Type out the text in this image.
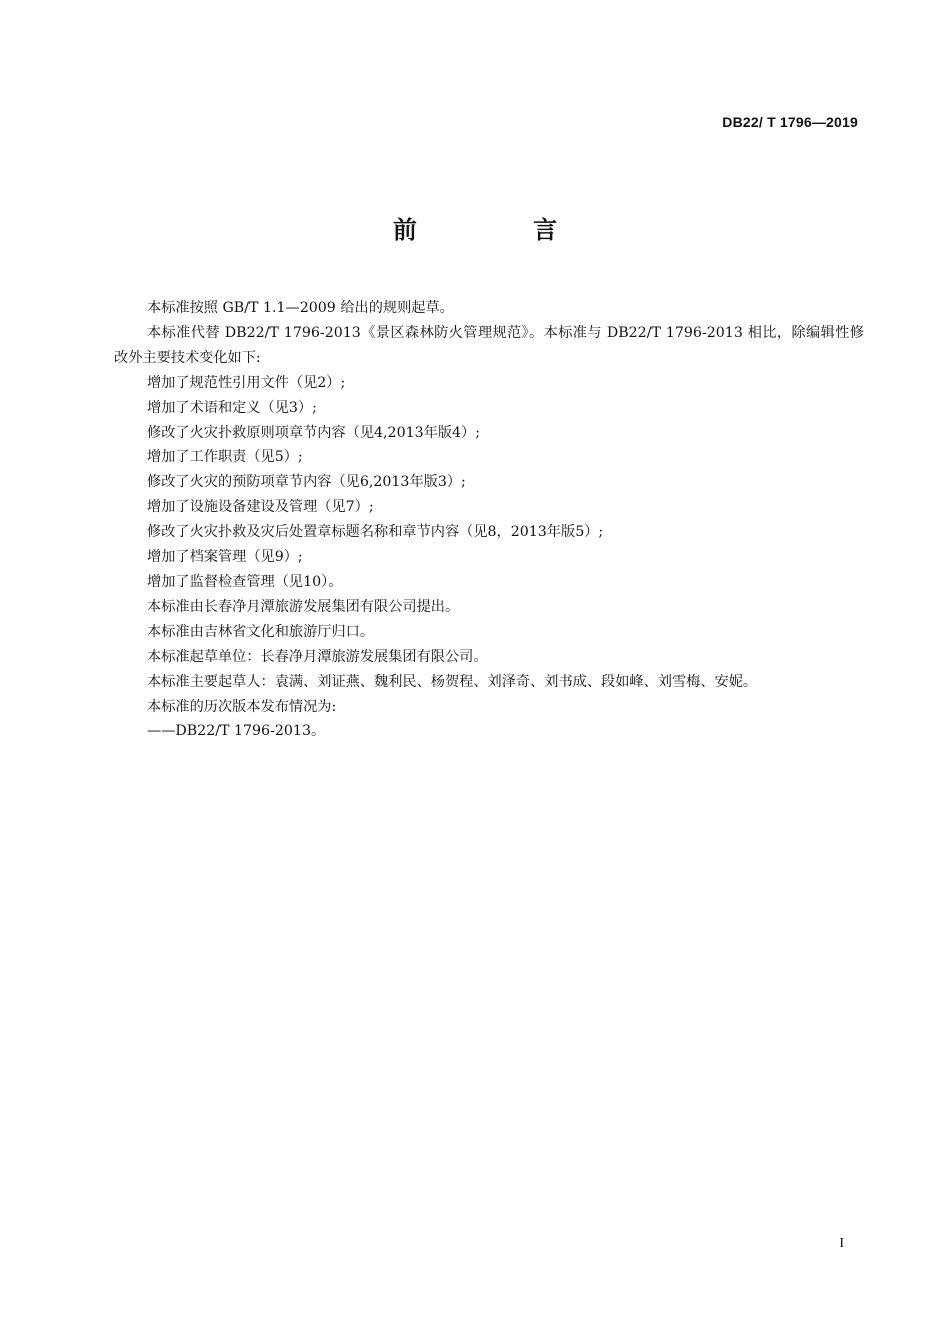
DB22/ T 1796—2019
前 言

本标准按照 GB/T 1.1—2009 给出的规则起草。

本标准代替 DB22/T 1796-2013《景区森林防火管理规范》。本标准与 DB22/T 1796-2013 相比，除编辑性修改外主要技术变化如下:

增加了规范性引用文件（见2）;

增加了术语和定义（见3）;

修改了火灾扑救原则项章节内容（见4,2013年版4）;

增加了工作职责（见5）;

修改了火灾的预防项章节内容（见6,2013年版3）;

增加了设施设备建设及管理（见7）;

修改了火灾扑救及灾后处置章标题名称和章节内容（见8，2013年版5）;

增加了档案管理（见9）;

增加了监督检查管理（见10）。

本标准由长春净月潭旅游发展集团有限公司提出。

本标准由吉林省文化和旅游厅归口。

本标准起草单位：长春净月潭旅游发展集团有限公司。

本标准主要起草人：袁满、刘证燕、魏利民、杨贺程、刘泽奇、刘书成、段如峰、刘雪梅、安妮。

本标准的历次版本发布情况为:

——DB22/T 1796-2013。

I
